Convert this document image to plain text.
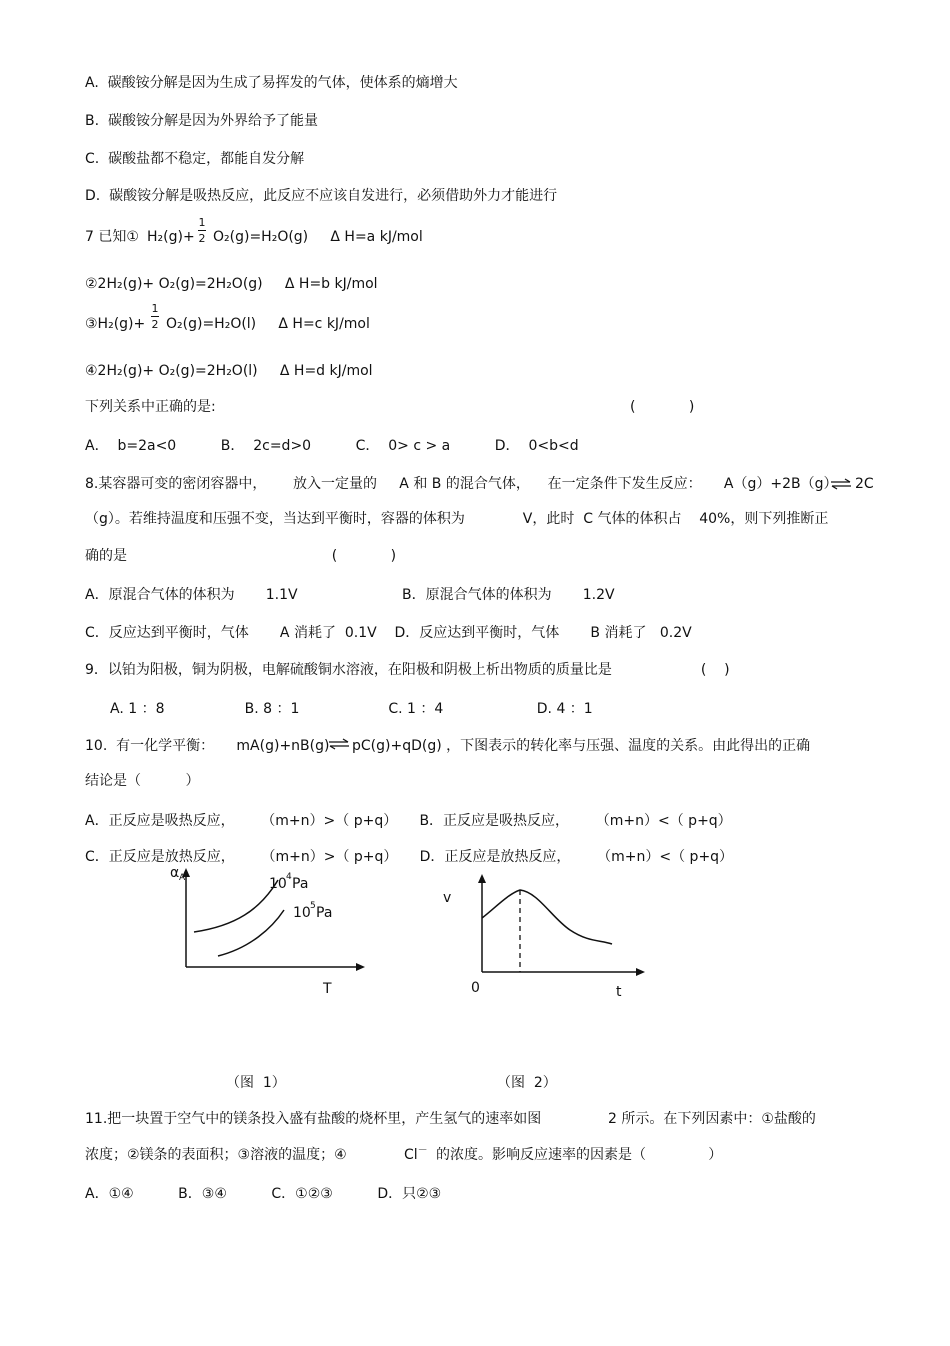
A.  碳酸铵分解是因为生成了易挥发的气体，使体系的熵增大
B.  碳酸铵分解是因为外界给予了能量
C.  碳酸盐都不稳定，都能自发分解
D.  碳酸铵分解是吸热反应，此反应不应该自发进行，必须借助外力才能进行
7 已知① H₂(g)+
1
2 O₂(g)=H₂O(g)     Δ H=a kJ/mol
②2H₂(g)+ O₂(g)=2H₂O(g)     Δ H=b kJ/mol
③H₂(g)+
1
2 O₂(g)=H₂O(l)     Δ H=c kJ/mol
④2H₂(g)+ O₂(g)=2H₂O(l)     Δ H=d kJ/mol
下列关系中正确的是:	(            )
A．  b=2a<0          B．  2c=d>0          C．  0> c > a          D．  0<b<d
8.某容器可变的密闭容器中，      放入一定量的     A 和 B 的混合气体，    在一定条件下发生反应：     A（g）+2B（g） ⇌ 2C
（g）。若维持温度和压强不变，当达到平衡时，容器的体积为             V，此时  C 气体的体积占    40%，则下列推断正
确的是                                              (            )
A．原混合气体的体积为       1.1V	B．原混合气体的体积为       1.2V
C．反应达到平衡时，气体       A 消耗了  0.1V    D．反应达到平衡时，气体       B 消耗了   0.2V
9．以铂为阳极，铜为阴极，电解硫酸铜水溶液，在阳极和阴极上析出物质的质量比是                    (    )
A. 1 ：8                  B. 8 ：1                    C. 1 ：4                     D. 4 ：1
10.  有一化学平衡：     mA(g)+nB(g) ⇌ pC(g)+qD(g) ，下图表示的转化率与压强、温度的关系。由此得出的正确
结论是（          ）
A．正反应是吸热反应，      （m+n）>（ p+q）     B．正反应是吸热反应，      （m+n）<（ p+q）
C．正反应是放热反应，      （m+n）>（ p+q）     D．正反应是放热反应，      （m+n）<（ p+q）
α A	10 4 Pa
10 5 Pa
T
v
0	t
（图  1）	（图  2）
11.把一块置于空气中的镁条投入盛有盐酸的烧杯里，产生氢气的速率如图               2 所示。在下列因素中：①盐酸的
浓度；②镁条的表面积；③溶液的温度；④	Cl－ 的浓度。影响反应速率的因素是（              ）
A．①④          B．③④          C．①②③          D．只②③
